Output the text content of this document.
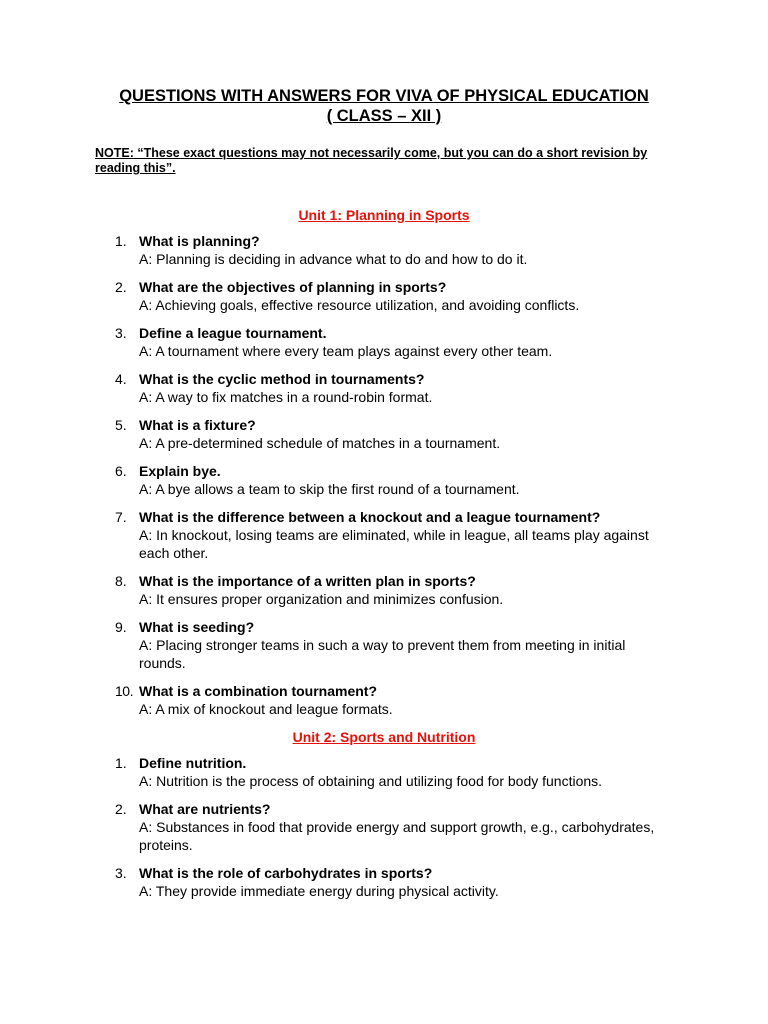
QUESTIONS WITH ANSWERS FOR VIVA OF PHYSICAL EDUCATION
( CLASS – XII )
NOTE: “These exact questions may not necessarily come, but you can do a short revision by reading this”.
Unit 1: Planning in Sports
1. What is planning?
A: Planning is deciding in advance what to do and how to do it.
2. What are the objectives of planning in sports?
A: Achieving goals, effective resource utilization, and avoiding conflicts.
3. Define a league tournament.
A: A tournament where every team plays against every other team.
4. What is the cyclic method in tournaments?
A: A way to fix matches in a round-robin format.
5. What is a fixture?
A: A pre-determined schedule of matches in a tournament.
6. Explain bye.
A: A bye allows a team to skip the first round of a tournament.
7. What is the difference between a knockout and a league tournament?
A: In knockout, losing teams are eliminated, while in league, all teams play against each other.
8. What is the importance of a written plan in sports?
A: It ensures proper organization and minimizes confusion.
9. What is seeding?
A: Placing stronger teams in such a way to prevent them from meeting in initial rounds.
10. What is a combination tournament?
A: A mix of knockout and league formats.
Unit 2: Sports and Nutrition
1. Define nutrition.
A: Nutrition is the process of obtaining and utilizing food for body functions.
2. What are nutrients?
A: Substances in food that provide energy and support growth, e.g., carbohydrates, proteins.
3. What is the role of carbohydrates in sports?
A: They provide immediate energy during physical activity.
